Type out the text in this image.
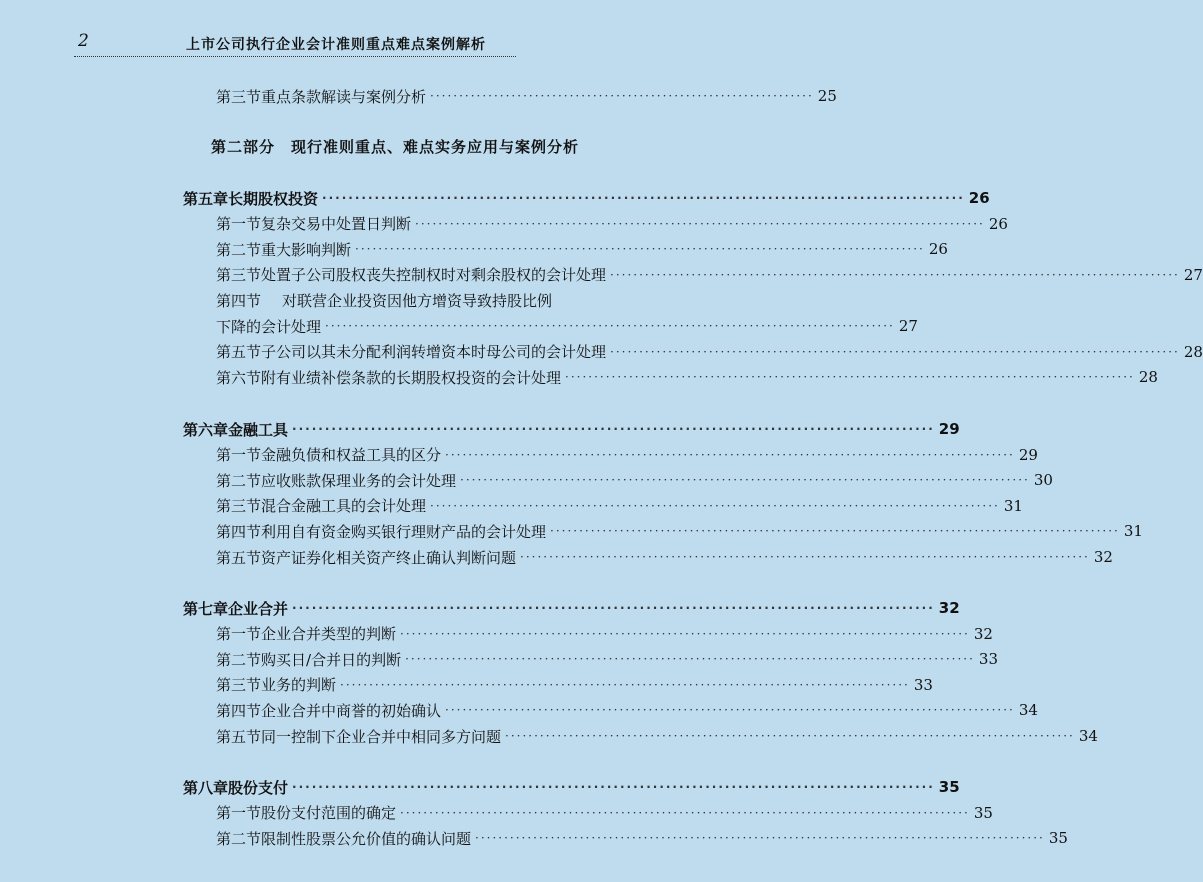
2	上市公司执行企业会计准则重点难点案例解析
第三节 重点条款解读与案例分析 ·································································· 25
第二部分　现行准则重点、难点实务应用与案例分析
第五章 长期股权投资 ·································································································· 26
第一节 复杂交易中处置日判断 ·································································································· 26
第二节 重大影响判断 ·································································································· 26
第三节 处置子公司股权丧失控制权时对剩余股权的会计处理 ·································································································· 27
第四节	对联营企业投资因他方增资导致持股比例
下降的会计处理 ·································································································· 27
第五节 子公司以其未分配利润转增资本时母公司的会计处理 ·································································································· 28
第六节 附有业绩补偿条款的长期股权投资的会计处理 ·································································································· 28
第六章 金融工具 ·································································································· 29
第一节 金融负债和权益工具的区分 ·································································································· 29
第二节 应收账款保理业务的会计处理 ·································································································· 30
第三节 混合金融工具的会计处理 ·································································································· 31
第四节 利用自有资金购买银行理财产品的会计处理 ·································································································· 31
第五节 资产证券化相关资产终止确认判断问题 ·································································································· 32
第七章 企业合并 ·································································································· 32
第一节 企业合并类型的判断 ·································································································· 32
第二节 购买日/合并日的判断 ·································································································· 33
第三节 业务的判断 ·································································································· 33
第四节 企业合并中商誉的初始确认 ·································································································· 34
第五节 同一控制下企业合并中相同多方问题 ·································································································· 34
第八章 股份支付 ·································································································· 35
第一节 股份支付范围的确定 ·································································································· 35
第二节 限制性股票公允价值的确认问题 ·································································································· 35
